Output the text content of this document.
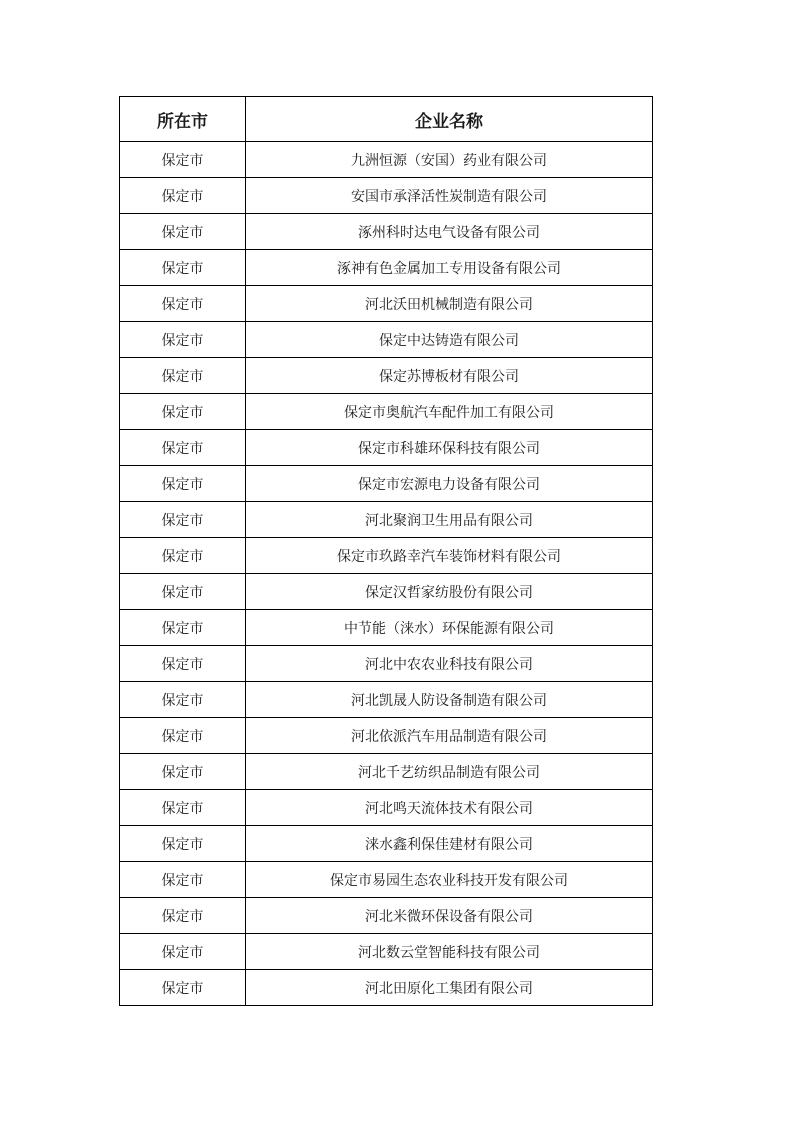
所在市	企业名称
保定市	九洲恒源（安国）药业有限公司
保定市	安国市承泽活性炭制造有限公司
保定市	涿州科时达电气设备有限公司
保定市	涿神有色金属加工专用设备有限公司
保定市	河北沃田机械制造有限公司
保定市	保定中达铸造有限公司
保定市	保定苏博板材有限公司
保定市	保定市奥航汽车配件加工有限公司
保定市	保定市科雄环保科技有限公司
保定市	保定市宏源电力设备有限公司
保定市	河北聚润卫生用品有限公司
保定市	保定市玖路幸汽车装饰材料有限公司
保定市	保定汉哲家纺股份有限公司
保定市	中节能（涞水）环保能源有限公司
保定市	河北中农农业科技有限公司
保定市	河北凯晟人防设备制造有限公司
保定市	河北依派汽车用品制造有限公司
保定市	河北千艺纺织品制造有限公司
保定市	河北鸣天流体技术有限公司
保定市	涞水鑫利保佳建材有限公司
保定市	保定市易园生态农业科技开发有限公司
保定市	河北米微环保设备有限公司
保定市	河北数云堂智能科技有限公司
保定市	河北田原化工集团有限公司
